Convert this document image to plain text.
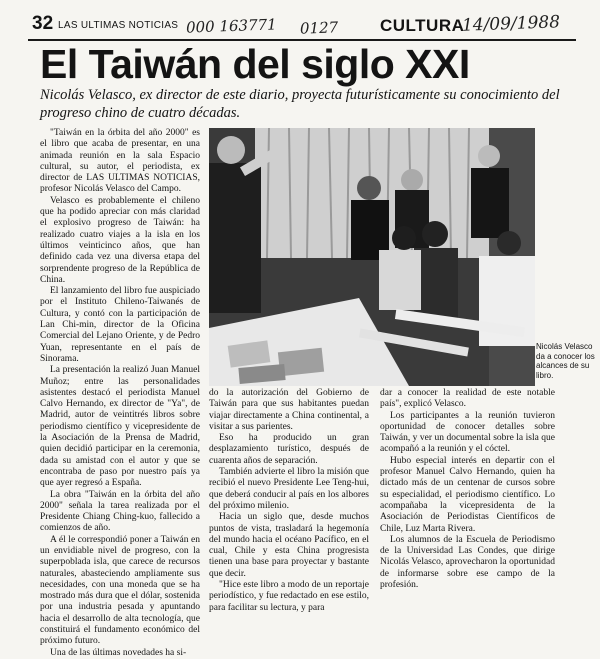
32 LAS ULTIMAS NOTICIAS 000 163771 0127 CULTURA
14/09/1988
El Taiwán del siglo XXI
Nicolás Velasco, ex director de este diario, proyecta futurísticamente su conocimiento del progreso chino de cuatro décadas.

"Taiwán en la órbita del año 2000" es el libro que acaba de presentar, en una animada reunión en la sala Espacio cultural, su autor, el periodista, ex director de LAS ULTIMAS NOTICIAS, profesor Nicolás Velasco del Campo.

Velasco es probablemente el chileno que ha podido apreciar con más claridad el explosivo progreso de Taiwán: ha realizado cuatro viajes a la isla en los últimos veinticinco años, que han definido cada vez una diversa etapa del sorprendente progreso de la República de China.

El lanzamiento del libro fue auspiciado por el Instituto Chileno-Taiwanés de Cultura, y contó con la participación de Lan Chi-min, director de la Oficina Comercial del Lejano Oriente, y de Pedro Yuan, representante en el país de Sinorama.

La presentación la realizó Juan Manuel Muñoz; entre las personalidades asistentes destacó el periodista Manuel Calvo Hernando, ex director de "Ya", de Madrid, autor de veintitrés libros sobre periodismo científico y vicepresidente de la Asociación de la Prensa de Madrid, quien decidió participar en la ceremonia, dada su amistad con el autor y que se encontraba de paso por nuestro país ya que ayer regresó a España.

La obra "Taiwán en la órbita del año 2000" señala la tarea realizada por el Presidente Chiang Ching-kuo, fallecido a comienzos de año.

A él le correspondió poner a Taiwán en un envidiable nivel de progreso, con la superpoblada isla, que carece de recursos naturales, abasteciendo ampliamente sus necesidades, con una moneda que se ha mostrado más dura que el dólar, sostenida por una industria pesada y apuntando hacia el desarrollo de alta tecnología, que constituirá el fundamento económico del próximo futuro.

Una de las últimas novedades ha si-

Nicolás Velasco da a conocer los alcances de su libro.

do la autorización del Gobierno de Taiwán para que sus habitantes puedan viajar directamente a China continental, a visitar a sus parientes.

Eso ha producido un gran desplazamiento turístico, después de cuarenta años de separación.

También advierte el libro la misión que recibió el nuevo Presidente Lee Teng-hui, que deberá conducir al país en los albores del próximo milenio.

Hacia un siglo que, desde muchos puntos de vista, trasladará la hegemonía del mundo hacia el océano Pacífico, en el cual, Chile y esta China progresista tienen una base para proyectar y bastante que decir.

"Hice este libro a modo de un reportaje periodístico, y fue redactado en ese estilo, para facilitar su lectura, y para

dar a conocer la realidad de este notable país", explicó Velasco.

Los participantes a la reunión tuvieron oportunidad de conocer detalles sobre Taiwán, y ver un documental sobre la isla que acompañó a la reunión y el cóctel.

Hubo especial interés en departir con el profesor Manuel Calvo Hernando, quien ha dictado más de un centenar de cursos sobre su especialidad, el periodismo científico. Lo acompañaba la vicepresidenta de la Asociación de Periodistas Científicos de Chile, Luz Marta Rivera.

Los alumnos de la Escuela de Periodismo de la Universidad Las Condes, que dirige Nicolás Velasco, aprovecharon la oportunidad de informarse sobre ese campo de la profesión.
